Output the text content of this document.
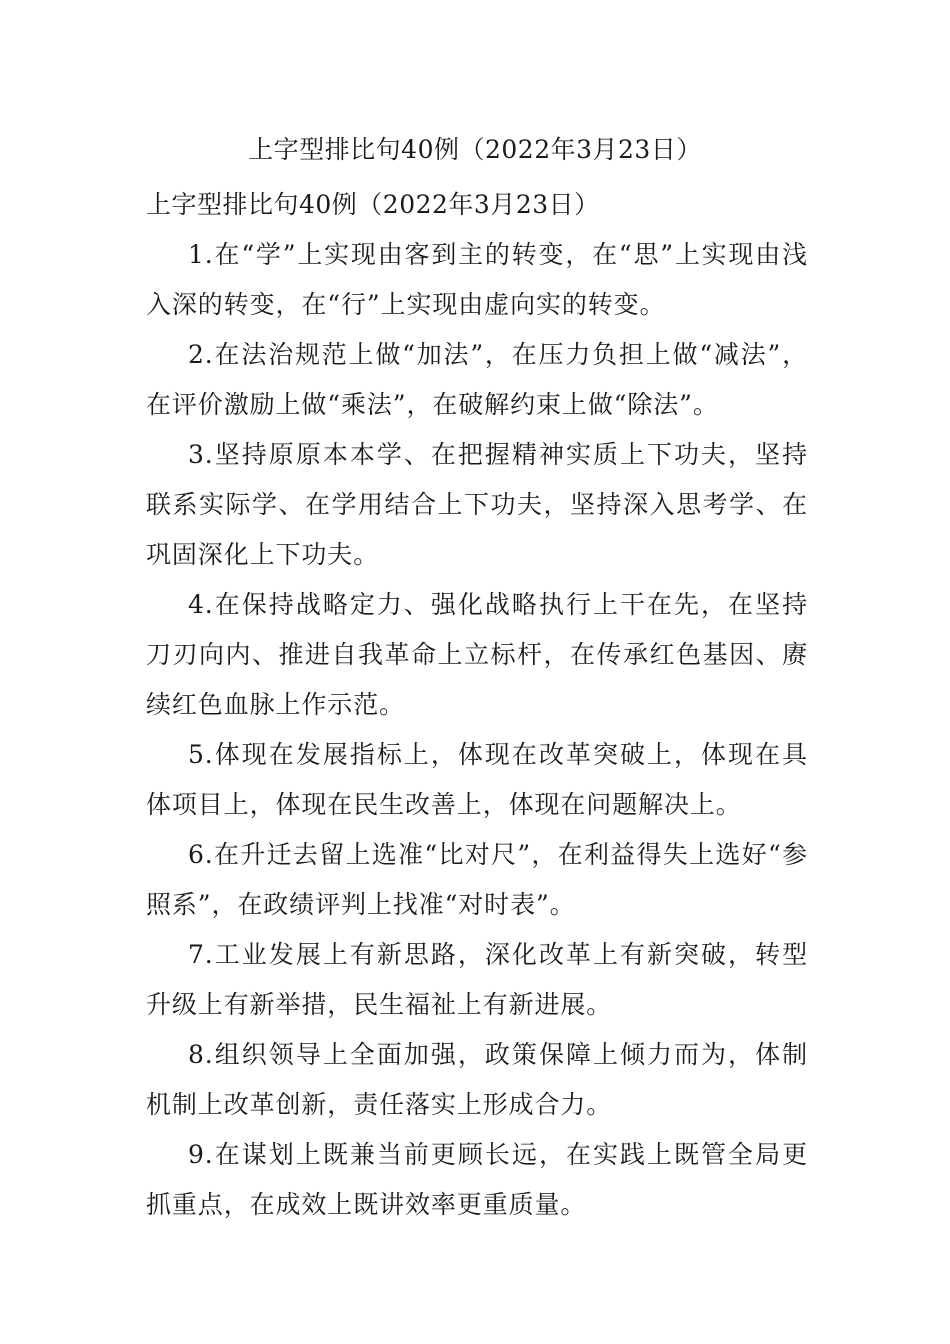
上字型排比句40例（2022年3月23日）

上字型排比句40例（2022年3月23日）

1.在“学”上实现由客到主的转变，在“思”上实现由浅入深的转变，在“行”上实现由虚向实的转变。

2.在法治规范上做“加法”，在压力负担上做“减法”，在评价激励上做“乘法”，在破解约束上做“除法”。

3.坚持原原本本学、在把握精神实质上下功夫，坚持联系实际学、在学用结合上下功夫，坚持深入思考学、在巩固深化上下功夫。

4.在保持战略定力、强化战略执行上干在先，在坚持刀刃向内、推进自我革命上立标杆，在传承红色基因、赓续红色血脉上作示范。

5.体现在发展指标上，体现在改革突破上，体现在具体项目上，体现在民生改善上，体现在问题解决上。

6.在升迁去留上选准“比对尺”，在利益得失上选好“参照系”，在政绩评判上找准“对时表”。

7.工业发展上有新思路，深化改革上有新突破，转型升级上有新举措，民生福祉上有新进展。

8.组织领导上全面加强，政策保障上倾力而为，体制机制上改革创新，责任落实上形成合力。

9.在谋划上既兼当前更顾长远，在实践上既管全局更抓重点，在成效上既讲效率更重质量。
